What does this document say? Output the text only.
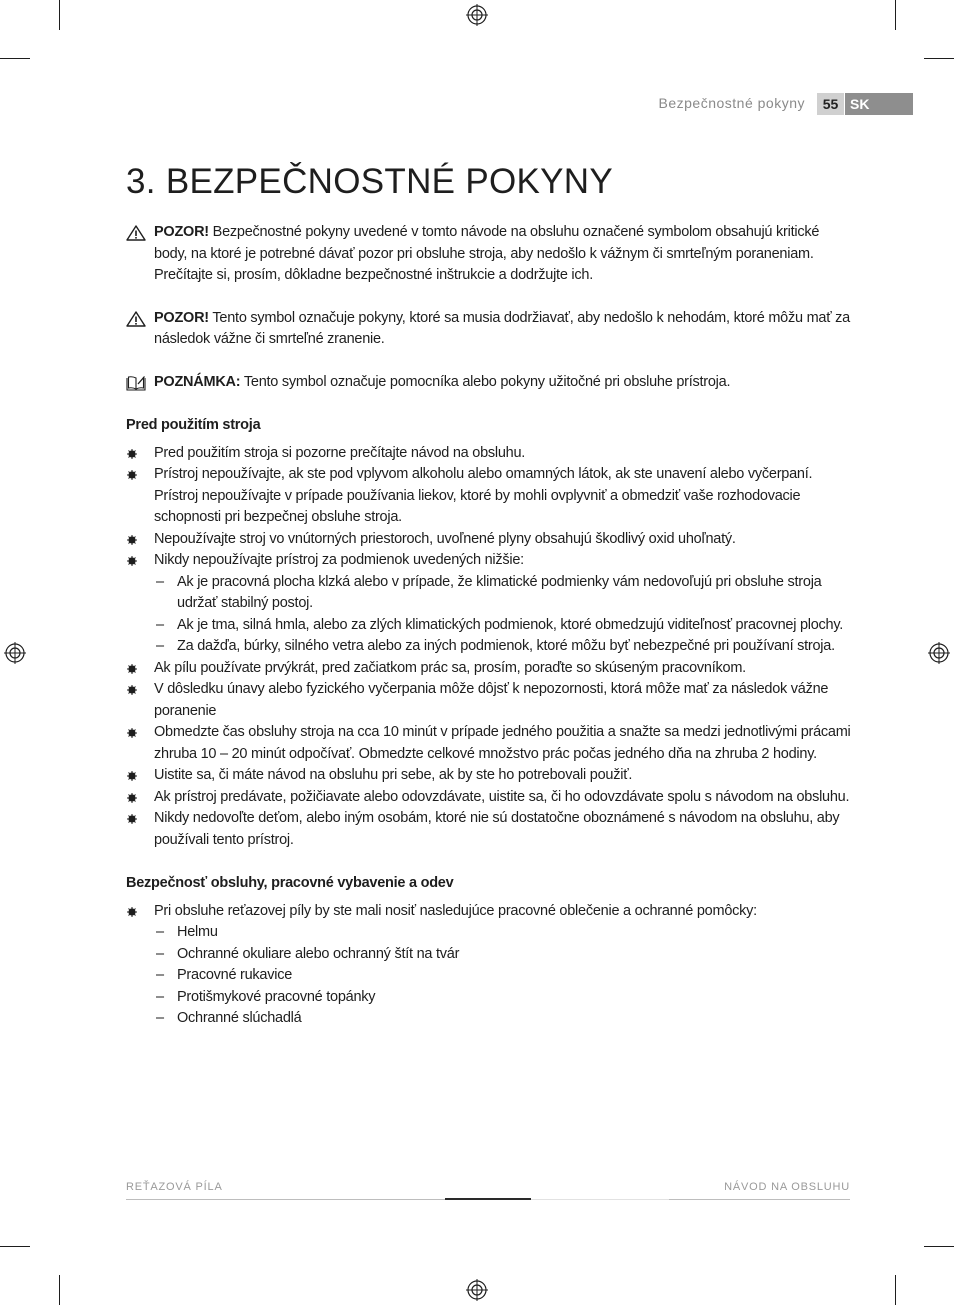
Bezpečnostné pokyny	55 SK
3. BEZPEČNOSTNÉ POKYNY
POZOR! Bezpečnostné pokyny uvedené v tomto návode na obsluhu označené symbolom obsahujú kritické body, na ktoré je potrebné dávať pozor pri obsluhe stroja, aby nedošlo k vážnym či smrteľným poraneniam. Prečítajte si, prosím, dôkladne bezpečnostné inštrukcie a dodržujte ich.
POZOR! Tento symbol označuje pokyny, ktoré sa musia dodržiavať, aby nedošlo k nehodám, ktoré môžu mať za následok vážne či smrteľné zranenie.
POZNÁMKA: Tento symbol označuje pomocníka alebo pokyny užitočné pri obsluhe prístroja.
Pred použitím stroja
Pred použitím stroja si pozorne prečítajte návod na obsluhu.
Prístroj nepoužívajte, ak ste pod vplyvom alkoholu alebo omamných látok, ak ste unavení alebo vyčerpaní. Prístroj nepoužívajte v prípade používania liekov, ktoré by mohli ovplyvniť a obmedziť vaše rozhodovacie schopnosti pri bezpečnej obsluhe stroja.
Nepoužívajte stroj vo vnútorných priestoroch, uvoľnené plyny obsahujú škodlivý oxid uhoľnatý.
Nikdy nepoužívajte prístroj za podmienok uvedených nižšie:
– Ak je pracovná plocha klzká alebo v prípade, že klimatické podmienky vám nedovoľujú pri obsluhe stroja udržať stabilný postoj.
– Ak je tma, silná hmla, alebo za zlých klimatických podmienok, ktoré obmedzujú viditeľnosť pracovnej plochy.
– Za dažďa, búrky, silného vetra alebo za iných podmienok, ktoré môžu byť nebezpečné pri používaní stroja.
Ak pílu používate prvýkrát, pred začiatkom prác sa, prosím, poraďte so skúseným pracovníkom.
V dôsledku únavy alebo fyzického vyčerpania môže dôjsť k nepozornosti, ktorá môže mať za následok vážne poranenie
Obmedzte čas obsluhy stroja na cca 10 minút v prípade jedného použitia a snažte sa medzi jednotlivými prácami zhruba 10 – 20 minút odpočívať. Obmedzte celkové množstvo prác počas jedného dňa na zhruba 2 hodiny.
Uistite sa, či máte návod na obsluhu pri sebe, ak by ste ho potrebovali použiť.
Ak prístroj predávate, požičiavate alebo odovzdávate, uistite sa, či ho odovzdávate spolu s návodom na obsluhu.
Nikdy nedovoľte deťom, alebo iným osobám, ktoré nie sú dostatočne oboznámené s návodom na obsluhu, aby používali tento prístroj.
Bezpečnosť obsluhy, pracovné vybavenie a odev
Pri obsluhe reťazovej píly by ste mali nosiť nasledujúce pracovné oblečenie a ochranné pomôcky:
– Helmu
– Ochranné okuliare alebo ochranný štít na tvár
– Pracovné rukavice
– Protišmykové pracovné topánky
– Ochranné slúchadlá
REŤAZOVÁ PÍLA	NÁVOD NA OBSLUHU
